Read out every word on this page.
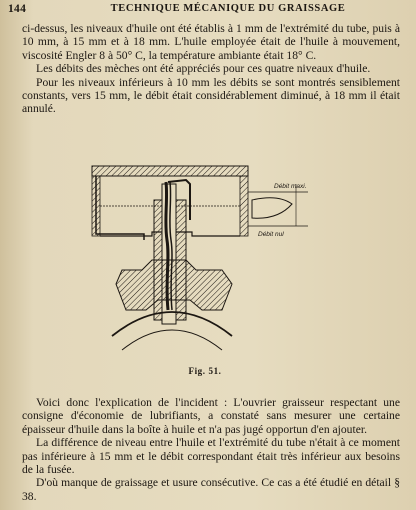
144	TECHNIQUE MÉCANIQUE DU GRAISSAGE

ci-dessus, les niveaux d'huile ont été établis à 1 mm de l'extrémité du tube, puis à 10 mm, à 15 mm et à 18 mm. L'huile employée était de l'huile à mouvement, viscosité Engler 8 à 50° C, la température ambiante était 18° C.

Les débits des mèches ont été appréciés pour ces quatre niveaux d'huile.

Pour les niveaux inférieurs à 10 mm les débits se sont montrés sensiblement constants, vers 15 mm, le débit était considérablement diminué, à 18 mm il était annulé.

Débit maxi.
Débit nul
Fig. 51.

Voici donc l'explication de l'incident : L'ouvrier graisseur respectant une consigne d'économie de lubrifiants, a constaté sans mesurer une certaine épaisseur d'huile dans la boîte à huile et n'a pas jugé opportun d'en ajouter.

La différence de niveau entre l'huile et l'extrémité du tube n'était à ce moment pas inférieure à 15 mm et le débit correspondant était très inférieur aux besoins de la fusée.

D'où manque de graissage et usure consécutive. Ce cas a été étudié en détail § 38.
